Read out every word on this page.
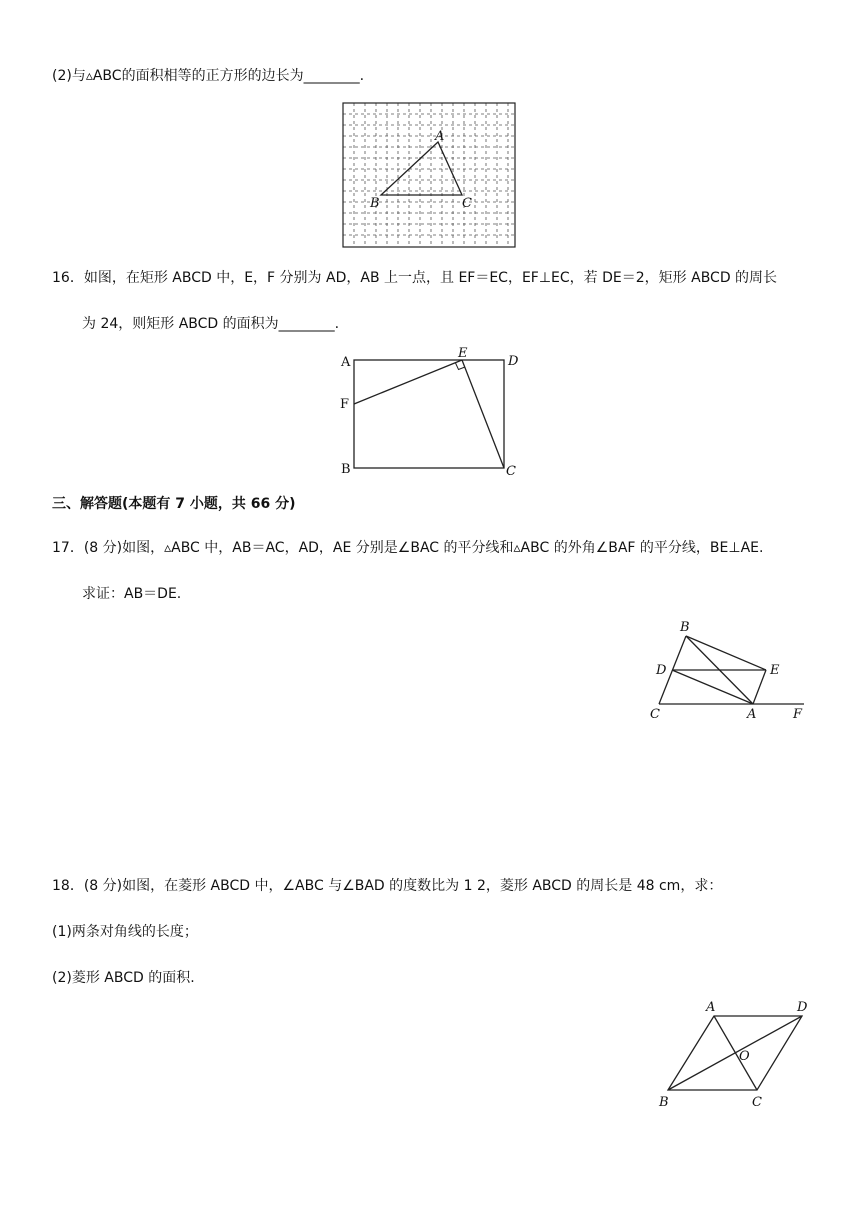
(2)与▵ABC的面积相等的正方形的边长为________.
A
B	C
16．如图，在矩形 ABCD 中，E，F 分别为 AD，AB 上一点，且 EF＝EC，EF⊥EC，若 DE＝2，矩形 ABCD 的周长
为 24，则矩形 ABCD 的面积为________.
A
E
D
F
B	C
三、解答题(本题有 7 小题，共 66 分)
17．(8 分)如图，▵ABC 中，AB＝AC，AD，AE 分别是∠BAC 的平分线和▵ABC 的外角∠BAF 的平分线，BE⊥AE.
求证：AB＝DE.
B
D	E
C	A	F
18．(8 分)如图，在菱形 ABCD 中，∠ABC 与∠BAD 的度数比为 1 2，菱形 ABCD 的周长是 48 cm，求：
(1)两条对角线的长度；
(2)菱形 ABCD 的面积.
A	D
O
B	C
